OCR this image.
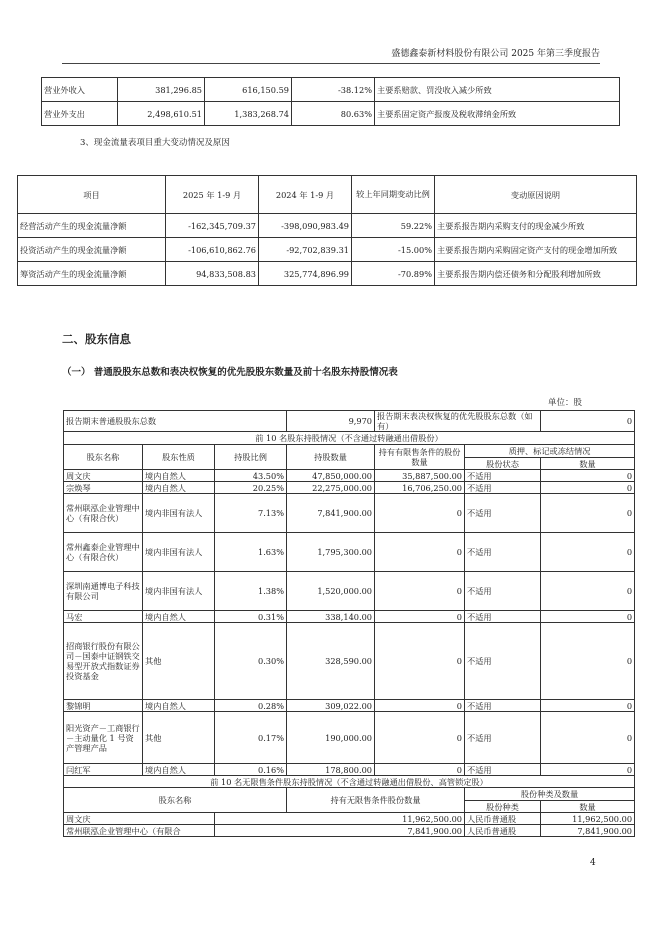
盛德鑫泰新材料股份有限公司 2025 年第三季度报告
营业外收入	381,296.85	616,150.59	-38.12%	主要系赔款、罚没收入减少所致
营业外支出	2,498,610.51	1,383,268.74	80.63%	主要系固定资产报废及税收滞纳金所致
3、现金流量表项目重大变动情况及原因
项目	2025 年 1-9 月	2024 年 1-9 月	较上年同期变动比例	变动原因说明
经营活动产生的现金流量净额	-162,345,709.37	-398,090,983.49	59.22%	主要系报告期内采购支付的现金减少所致
投资活动产生的现金流量净额	-106,610,862.76	-92,702,839.31	-15.00%	主要系报告期内采购固定资产支付的现金增加所致
筹资活动产生的现金流量净额	94,833,508.83	325,774,896.99	-70.89%	主要系报告期内偿还债务和分配股利增加所致
二、股东信息
（一） 普通股股东总数和表决权恢复的优先股股东数量及前十名股东持股情况表
单位：股
报告期末普通股股东总数			9,970	报告期末表决权恢复的优先股股东总数（如有）		0
前 10 名股东持股情况（不含通过转融通出借股份）						
股东名称	股东性质	持股比例	持股数量	持有有限售条件的股份数量	质押、标记或冻结情况	
					股份状态	数量
周文庆	境内自然人	43.50%	47,850,000.00	35,887,500.00	不适用	0
宗焕琴	境内自然人	20.25%	22,275,000.00	16,706,250.00	不适用	0
常州联泓企业管理中心（有限合伙）	境内非国有法人	7.13%	7,841,900.00	0	不适用	0
常州鑫泰企业管理中心（有限合伙）	境内非国有法人	1.63%	1,795,300.00	0	不适用	0
深圳南通博电子科技有限公司	境内非国有法人	1.38%	1,520,000.00	0	不适用	0
马宏	境内自然人	0.31%	338,140.00	0	不适用	0
招商银行股份有限公司－国泰中证钢铁交易型开放式指数证券投资基金	其他	0.30%	328,590.00	0	不适用	0
黎锦明	境内自然人	0.28%	309,022.00	0	不适用	0
阳光资产－工商银行－主动量化 1 号资产管理产品	其他	0.17%	190,000.00	0	不适用	0
闫红军	境内自然人	0.16%	178,800.00	0	不适用	0
前 10 名无限售条件股东持股情况（不含通过转融通出借股份、高管锁定股）						
股东名称			持有无限售条件股份数量		股份种类及数量	
					股份种类	数量
周文庆		11,962,500.00			人民币普通股	11,962,500.00
常州联泓企业管理中心（有限合		7,841,900.00			人民币普通股	7,841,900.00
4
